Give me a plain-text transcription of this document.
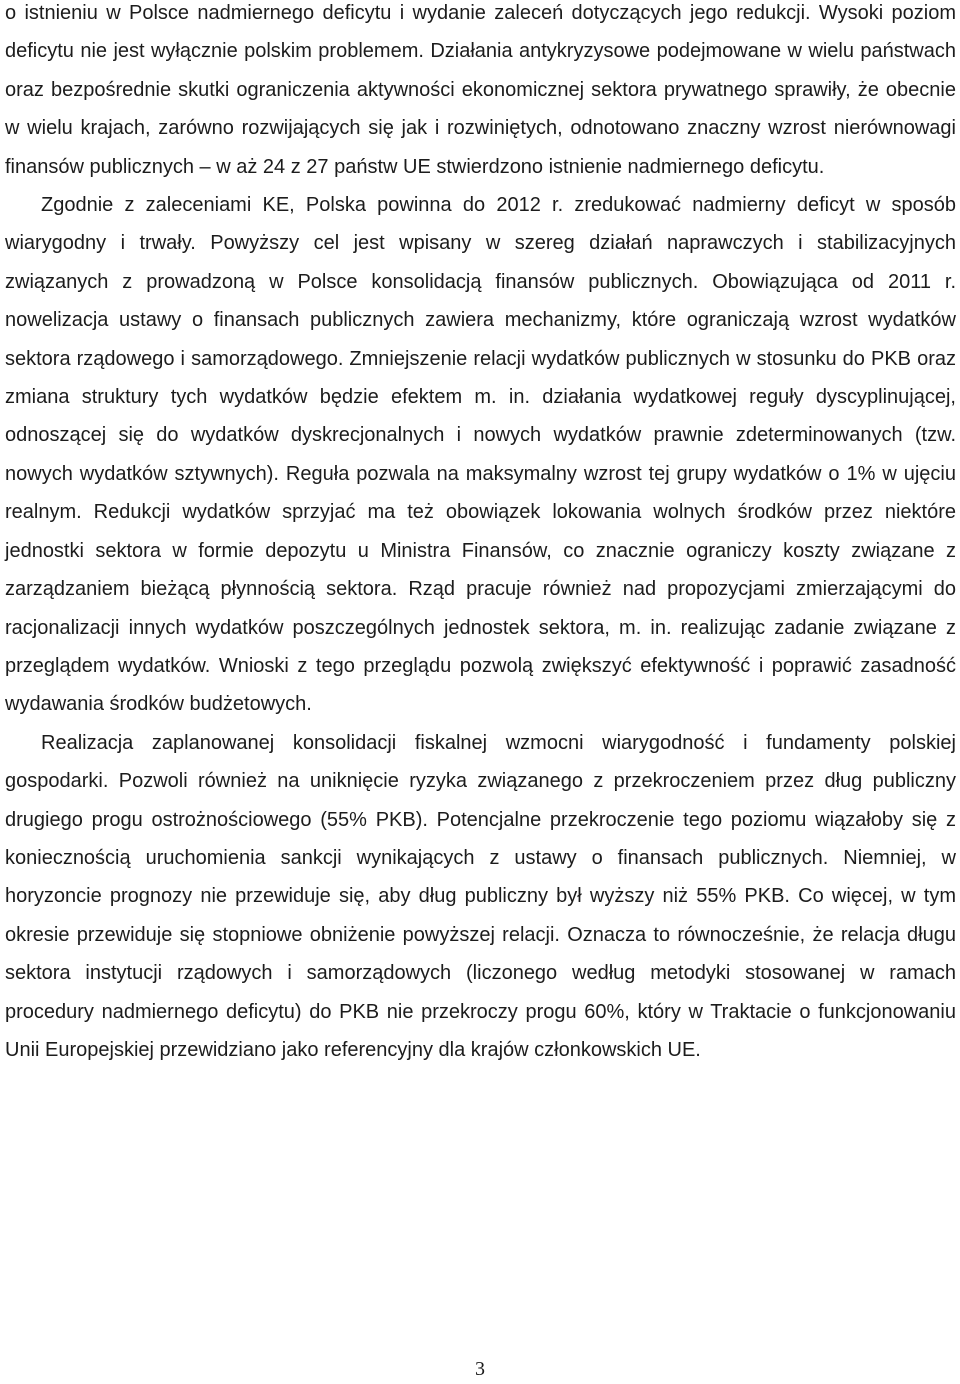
o istnieniu w Polsce nadmiernego deficytu i wydanie zaleceń dotyczących jego redukcji. Wysoki poziom deficytu nie jest wyłącznie polskim problemem. Działania antykryzysowe podejmowane w wielu państwach oraz bezpośrednie skutki ograniczenia aktywności ekonomicznej sektora prywatnego sprawiły, że obecnie w wielu krajach, zarówno rozwijających się jak i rozwiniętych, odnotowano znaczny wzrost nierównowagi finansów publicznych – w aż 24 z 27 państw UE stwierdzono istnienie nadmiernego deficytu.

Zgodnie z zaleceniami KE, Polska powinna do 2012 r. zredukować nadmierny deficyt w sposób wiarygodny i trwały. Powyższy cel jest wpisany w szereg działań naprawczych i stabilizacyjnych związanych z prowadzoną w Polsce konsolidacją finansów publicznych. Obowiązująca od 2011 r. nowelizacja ustawy o finansach publicznych zawiera mechanizmy, które ograniczają wzrost wydatków sektora rządowego i samorządowego. Zmniejszenie relacji wydatków publicznych w stosunku do PKB oraz zmiana struktury tych wydatków będzie efektem m. in. działania wydatkowej reguły dyscyplinującej, odnoszącej się do wydatków dyskrecjonalnych i nowych wydatków prawnie zdeterminowanych (tzw. nowych wydatków sztywnych). Reguła pozwala na maksymalny wzrost tej grupy wydatków o 1% w ujęciu realnym. Redukcji wydatków sprzyjać ma też obowiązek lokowania wolnych środków przez niektóre jednostki sektora w formie depozytu u Ministra Finansów, co znacznie ograniczy koszty związane z zarządzaniem bieżącą płynnością sektora. Rząd pracuje również nad propozycjami zmierzającymi do racjonalizacji innych wydatków poszczególnych jednostek sektora, m. in. realizując zadanie związane z przeglądem wydatków. Wnioski z tego przeglądu pozwolą zwiększyć efektywność i poprawić zasadność wydawania środków budżetowych.

Realizacja zaplanowanej konsolidacji fiskalnej wzmocni wiarygodność i fundamenty polskiej gospodarki. Pozwoli również na uniknięcie ryzyka związanego z przekroczeniem przez dług publiczny drugiego progu ostrożnościowego (55% PKB). Potencjalne przekroczenie tego poziomu wiązałoby się z koniecznością uruchomienia sankcji wynikających z ustawy o finansach publicznych. Niemniej, w horyzoncie prognozy nie przewiduje się, aby dług publiczny był wyższy niż 55% PKB. Co więcej, w tym okresie przewiduje się stopniowe obniżenie powyższej relacji. Oznacza to równocześnie, że relacja długu sektora instytucji rządowych i samorządowych (liczonego według metodyki stosowanej w ramach procedury nadmiernego deficytu) do PKB nie przekroczy progu 60%, który w Traktacie o funkcjonowaniu Unii Europejskiej przewidziano jako referencyjny dla krajów członkowskich UE.

3
